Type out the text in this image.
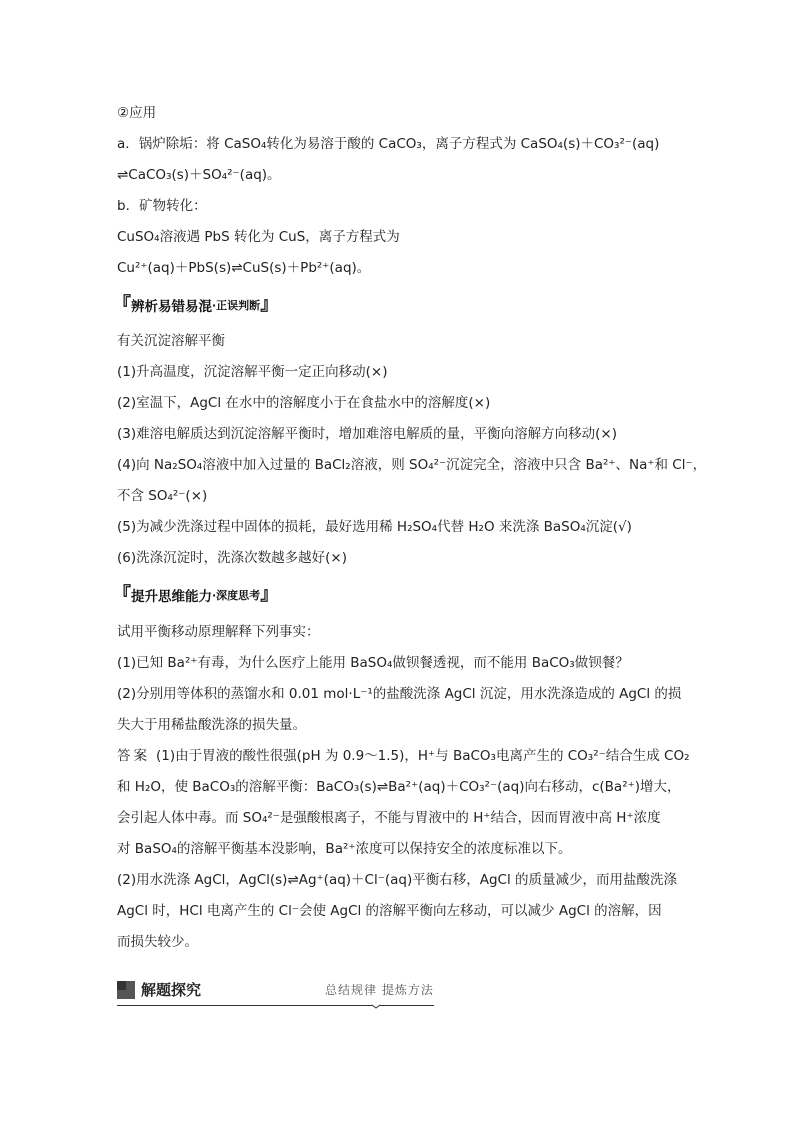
②应用
a．锅炉除垢：将 CaSO₄转化为易溶于酸的 CaCO₃，离子方程式为 CaSO₄(s)＋CO₃²⁻(aq)
⇌CaCO₃(s)＋SO₄²⁻(aq)。
b．矿物转化：
CuSO₄溶液遇 PbS 转化为 CuS，离子方程式为
Cu²⁺(aq)＋PbS(s)⇌CuS(s)＋Pb²⁺(aq)。
『 辨析易错易混 ·正误判断 』
有关沉淀溶解平衡
(1)升高温度，沉淀溶解平衡一定正向移动(×)
(2)室温下，AgCl 在水中的溶解度小于在食盐水中的溶解度(×)
(3)难溶电解质达到沉淀溶解平衡时，增加难溶电解质的量，平衡向溶解方向移动(×)
(4)向 Na₂SO₄溶液中加入过量的 BaCl₂溶液，则 SO₄²⁻沉淀完全，溶液中只含 Ba²⁺、Na⁺和 Cl⁻，
不含 SO₄²⁻(×)
(5)为减少洗涤过程中固体的损耗，最好选用稀 H₂SO₄代替 H₂O 来洗涤 BaSO₄沉淀(√)
(6)洗涤沉淀时，洗涤次数越多越好(×)
『 提升思维能力 ·深度思考 』
试用平衡移动原理解释下列事实：
(1)已知 Ba²⁺有毒，为什么医疗上能用 BaSO₄做钡餐透视，而不能用 BaCO₃做钡餐？
(2)分别用等体积的蒸馏水和 0.01 mol·L⁻¹的盐酸洗涤 AgCl 沉淀，用水洗涤造成的 AgCl 的损
失大于用稀盐酸洗涤的损失量。
答案 (1)由于胃液的酸性很强(pH 为 0.9～1.5)，H⁺与 BaCO₃电离产生的 CO₃²⁻结合生成 CO₂
和 H₂O，使 BaCO₃的溶解平衡：BaCO₃(s)⇌Ba²⁺(aq)＋CO₃²⁻(aq)向右移动，c(Ba²⁺)增大，
会引起人体中毒。而 SO₄²⁻是强酸根离子，不能与胃液中的 H⁺结合，因而胃液中高 H⁺浓度
对 BaSO₄的溶解平衡基本没影响，Ba²⁺浓度可以保持安全的浓度标准以下。
(2)用水洗涤 AgCl，AgCl(s)⇌Ag⁺(aq)＋Cl⁻(aq)平衡右移，AgCl 的质量减少，而用盐酸洗涤
AgCl 时，HCl 电离产生的 Cl⁻会使 AgCl 的溶解平衡向左移动，可以减少 AgCl 的溶解，因
而损失较少。
解题探究	总结规律 提炼方法
